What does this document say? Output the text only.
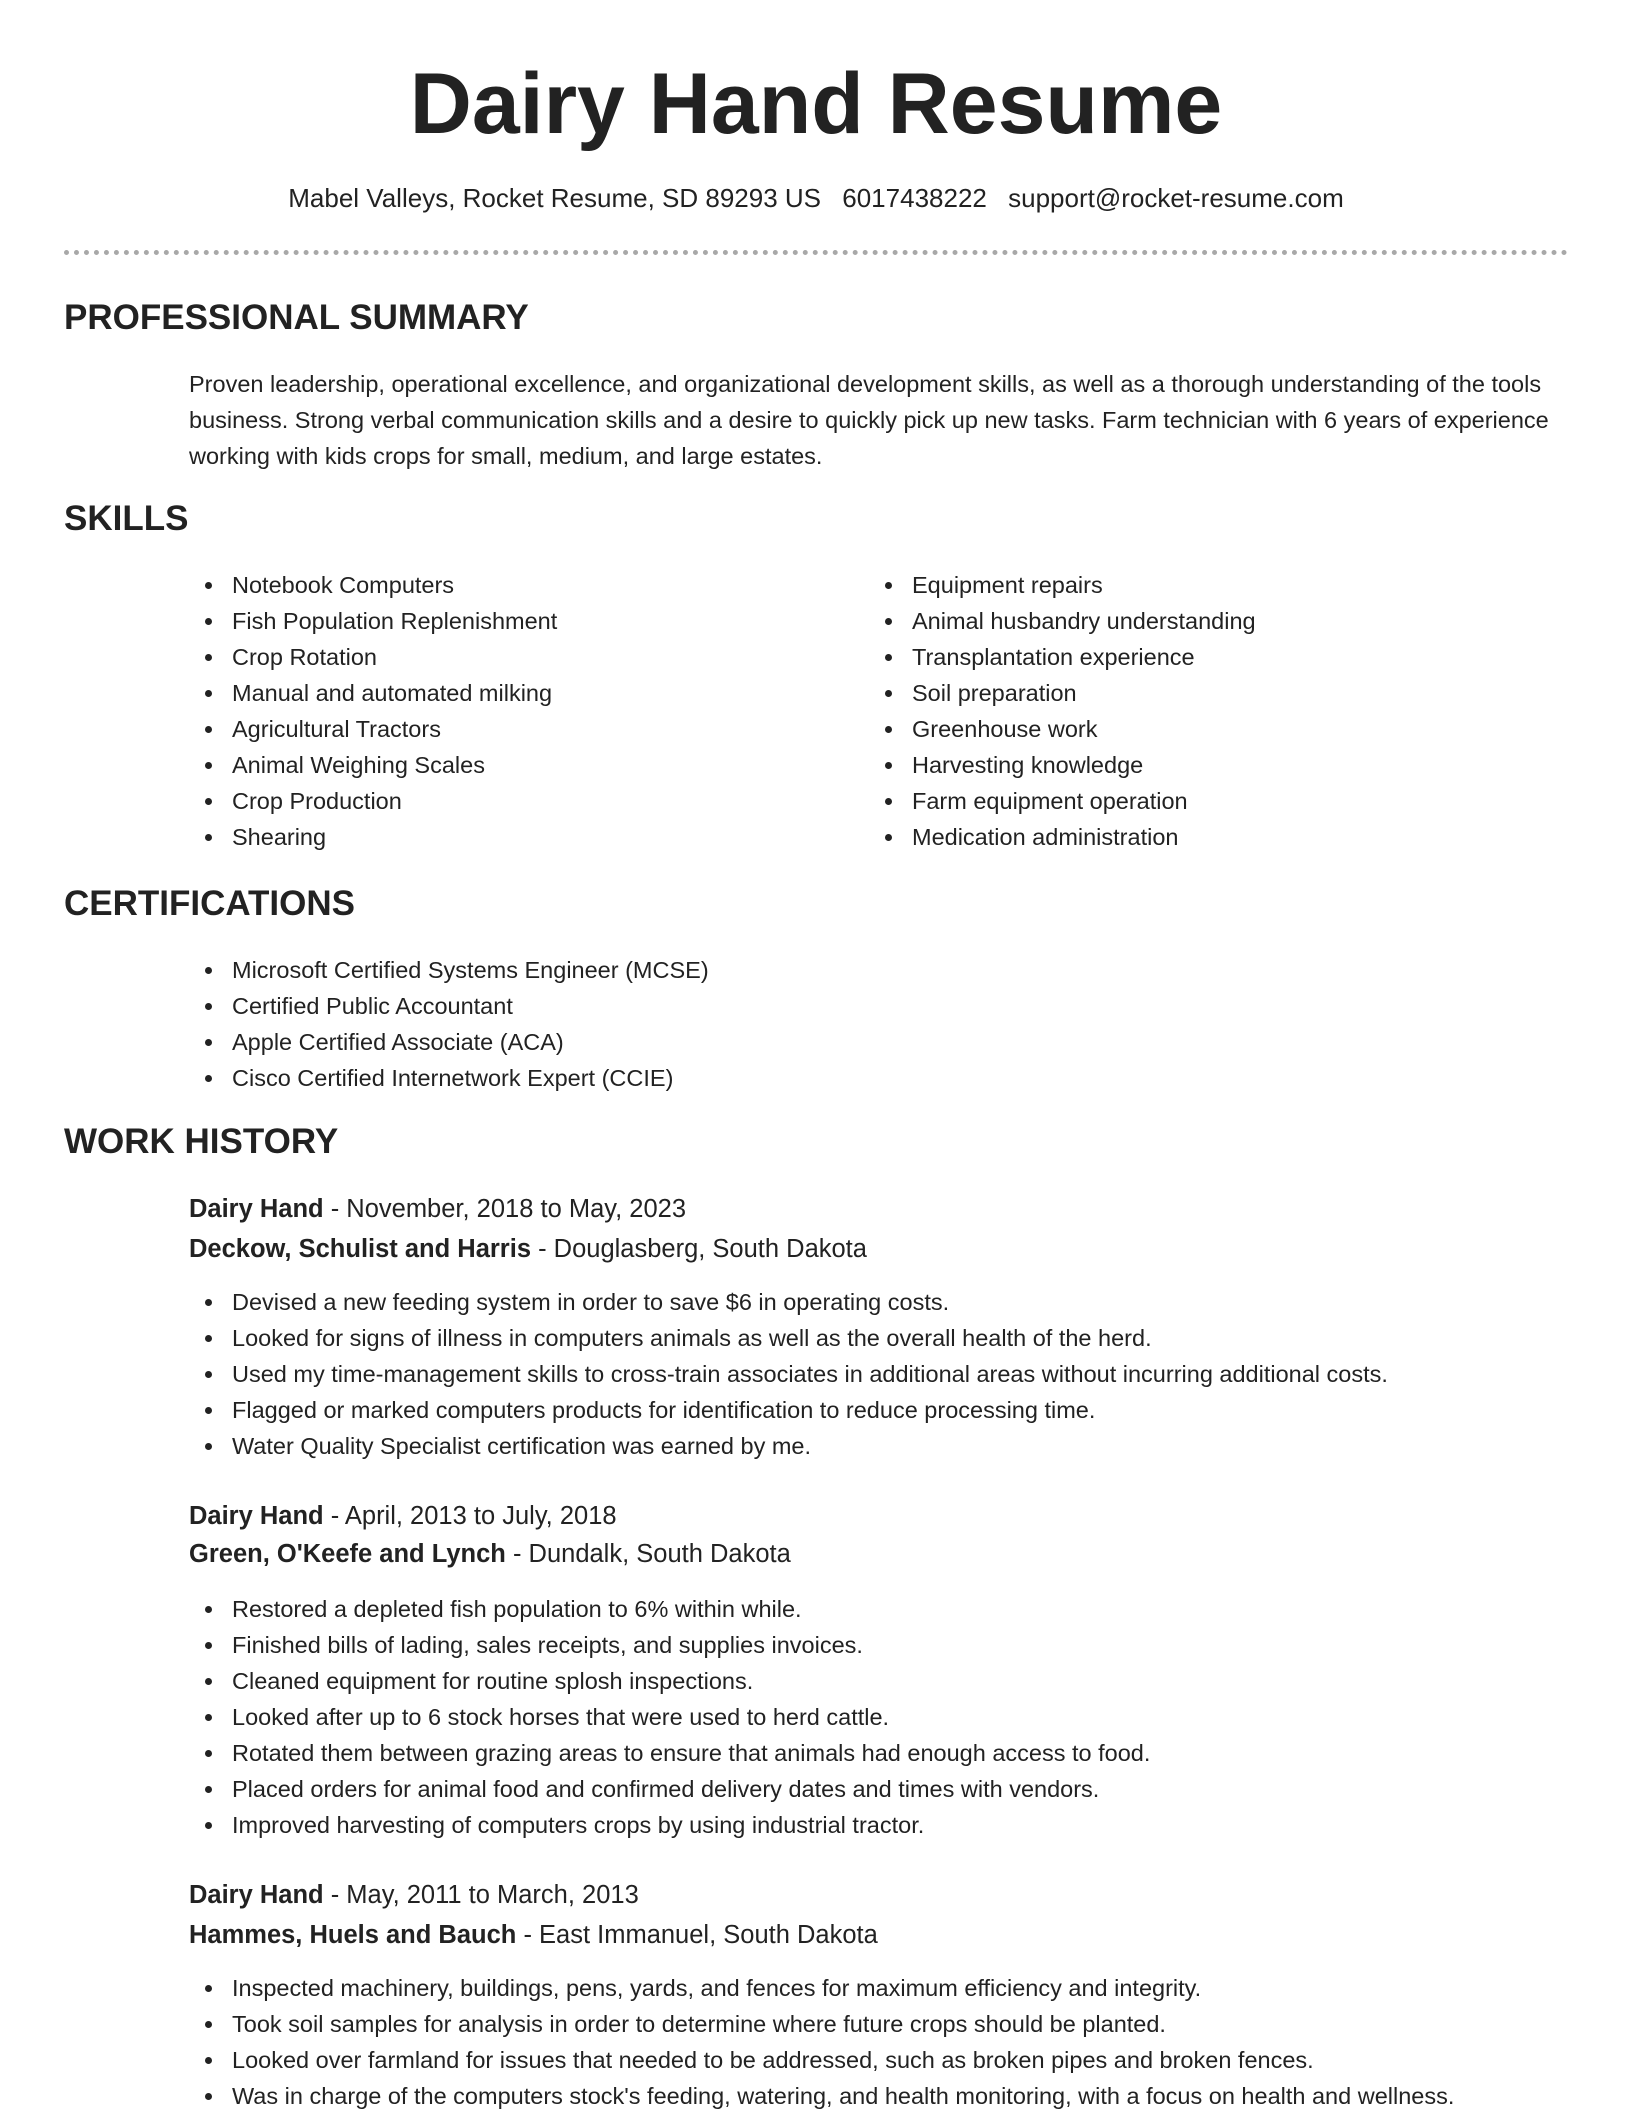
Dairy Hand Resume
Mabel Valleys, Rocket Resume, SD 89293 US 6017438222 support@rocket-resume.com
PROFESSIONAL SUMMARY

Proven leadership, operational excellence, and organizational development skills, as well as a thorough understanding of the tools business. Strong verbal communication skills and a desire to quickly pick up new tasks. Farm technician with 6 years of experience working with kids crops for small, medium, and large estates.

SKILLS
Notebook Computers
Fish Population Replenishment
Crop Rotation
Manual and automated milking
Agricultural Tractors
Animal Weighing Scales
Crop Production
Shearing
Equipment repairs
Animal husbandry understanding
Transplantation experience
Soil preparation
Greenhouse work
Harvesting knowledge
Farm equipment operation
Medication administration
CERTIFICATIONS
Microsoft Certified Systems Engineer (MCSE)
Certified Public Accountant
Apple Certified Associate (ACA)
Cisco Certified Internetwork Expert (CCIE)
WORK HISTORY
Dairy Hand - November, 2018 to May, 2023
Deckow, Schulist and Harris - Douglasberg, South Dakota
Devised a new feeding system in order to save $6 in operating costs.
Looked for signs of illness in computers animals as well as the overall health of the herd.
Used my time-management skills to cross-train associates in additional areas without incurring additional costs.
Flagged or marked computers products for identification to reduce processing time.
Water Quality Specialist certification was earned by me.
Dairy Hand - April, 2013 to July, 2018
Green, O'Keefe and Lynch - Dundalk, South Dakota
Restored a depleted fish population to 6% within while.
Finished bills of lading, sales receipts, and supplies invoices.
Cleaned equipment for routine splosh inspections.
Looked after up to 6 stock horses that were used to herd cattle.
Rotated them between grazing areas to ensure that animals had enough access to food.
Placed orders for animal food and confirmed delivery dates and times with vendors.
Improved harvesting of computers crops by using industrial tractor.
Dairy Hand - May, 2011 to March, 2013
Hammes, Huels and Bauch - East Immanuel, South Dakota
Inspected machinery, buildings, pens, yards, and fences for maximum efficiency and integrity.
Took soil samples for analysis in order to determine where future crops should be planted.
Looked over farmland for issues that needed to be addressed, such as broken pipes and broken fences.
Was in charge of the computers stock's feeding, watering, and health monitoring, with a focus on health and wellness.
